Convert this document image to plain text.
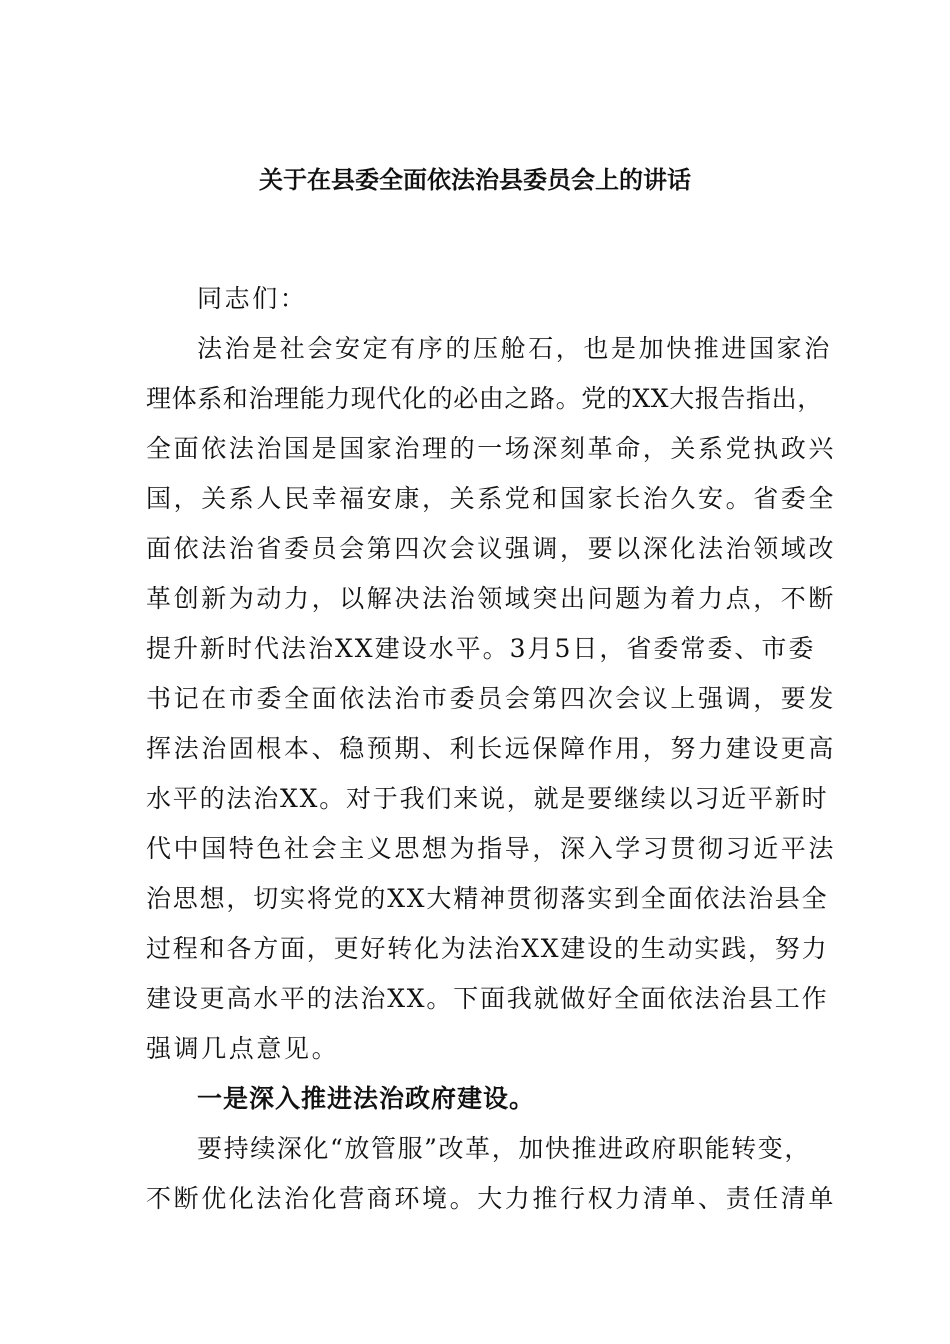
关于在县委全面依法治县委员会上的讲话
同志们：
法治是社会安定有序的压舱石，也是加快推进国家治
理体系和治理能力现代化的必由之路。党的XX大报告指出，
全面依法治国是国家治理的一场深刻革命，关系党执政兴
国，关系人民幸福安康，关系党和国家长治久安。省委全
面依法治省委员会第四次会议强调，要以深化法治领域改
革创新为动力，以解决法治领域突出问题为着力点，不断
提升新时代法治XX建设水平。3月5日，省委常委、市委
书记在市委全面依法治市委员会第四次会议上强调，要发
挥法治固根本、稳预期、利长远保障作用，努力建设更高
水平的法治XX。对于我们来说，就是要继续以习近平新时
代中国特色社会主义思想为指导，深入学习贯彻习近平法
治思想，切实将党的XX大精神贯彻落实到全面依法治县全
过程和各方面，更好转化为法治XX建设的生动实践，努力
建设更高水平的法治XX。下面我就做好全面依法治县工作
强调几点意见。
一是深入推进法治政府建设。
要持续深化“放管服”改革，加快推进政府职能转变，
不断优化法治化营商环境。大力推行权力清单、责任清单
